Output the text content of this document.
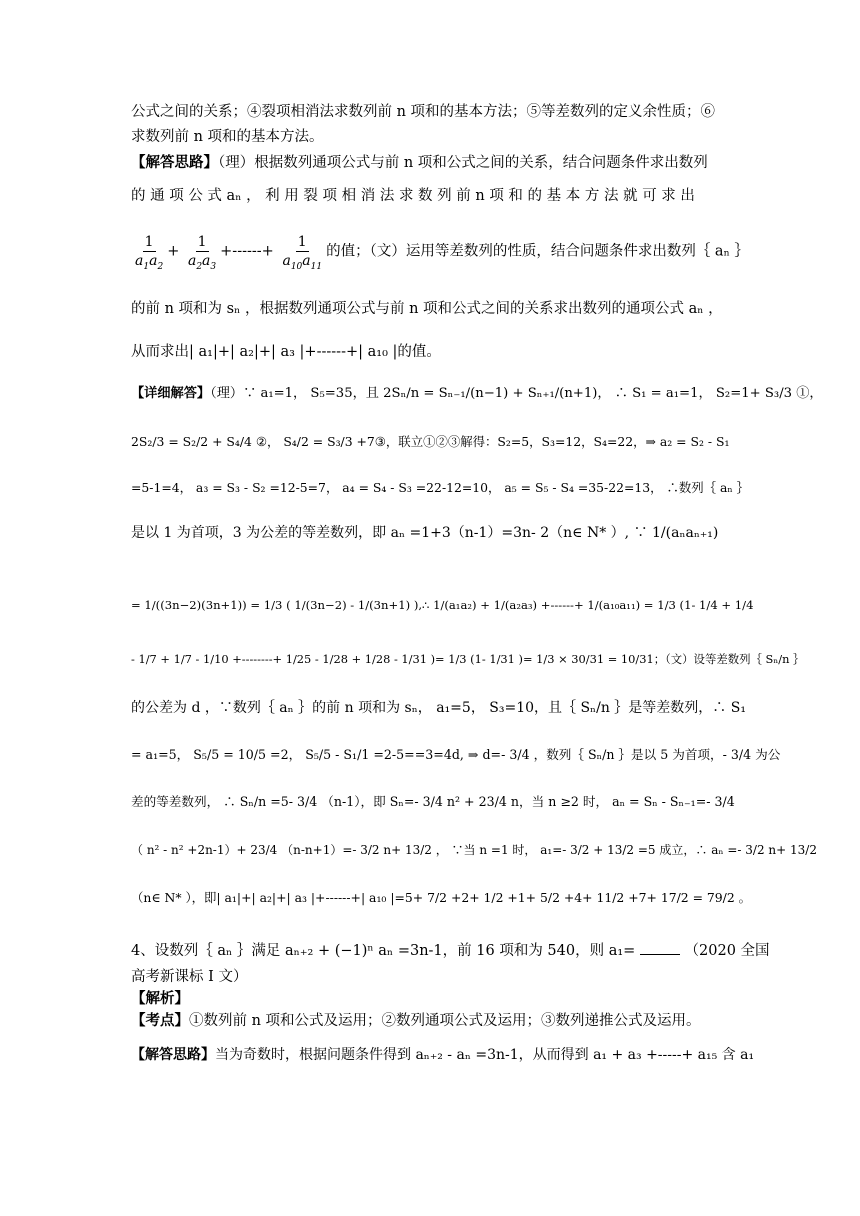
公式之间的关系；④裂项相消法求数列前 n 项和的基本方法；⑤等差数列的定义余性质；⑥
求数列前 n 项和的基本方法。
【解答思路】（理）根据数列通项公式与前 n 项和公式之间的关系，结合问题条件求出数列
的 通 项 公 式 aₙ ， 利 用 裂 项 相 消 法 求 数 列 前 n 项 和 的 基 本 方 法 就 可 求 出
$\frac{1}{a_1a_2} + \frac{1}{a_2a_3}$ +------+ $\frac{1}{a_{10}a_{11}}$ 的值；（文）运用等差数列的性质，结合问题条件求出数列｛ aₙ ｝
的前 n 项和为 sₙ ，根据数列通项公式与前 n 项和公式之间的关系求出数列的通项公式 aₙ ，
从而求出| a₁|+| a₂|+| a₃ |+------+| a₁₀ |的值。
【详细解答】（理）∵ a₁=1， S₅=35，且 2Sₙ/n = Sₙ₋₁/(n−1) + Sₙ₊₁/(n+1)， ∴ S₁ = a₁=1， S₂=1+ S₃/3 ①，
2S₂/3 = S₂/2 + S₄/4 ②， S₄/2 = S₃/3 +7③，联立①②③解得：S₂=5，S₃=12，S₄=22，⇒ a₂ = S₂ - S₁
=5-1=4， a₃ = S₃ - S₂ =12-5=7， a₄ = S₄ - S₃ =22-12=10， a₅ = S₅ - S₄ =35-22=13， ∴数列｛ aₙ ｝
是以 1 为首项，3 为公差的等差数列，即 aₙ =1+3（n-1）=3n- 2（n∈ N* ）, ∵ 1/(aₙaₙ₊₁)
= 1/((3n−2)(3n+1)) = 1/3 ( 1/(3n−2) - 1/(3n+1) ),∴ 1/(a₁a₂) + 1/(a₂a₃) +------+ 1/(a₁₀a₁₁) = 1/3 (1- 1/4 + 1/4
- 1/7 + 1/7 - 1/10 +--------+ 1/25 - 1/28 + 1/28 - 1/31 )= 1/3 (1- 1/31 )= 1/3 × 30/31 = 10/31；（文）设等差数列｛ Sₙ/n ｝
的公差为 d ，∵数列｛ aₙ ｝的前 n 项和为 sₙ， a₁=5， S₃=10，且｛ Sₙ/n ｝是等差数列，∴ S₁
= a₁=5， S₅/5 = 10/5 =2， S₅/5 - S₁/1 =2-5==3=4d, ⇒ d=- 3/4 ，数列｛ Sₙ/n ｝是以 5 为首项，- 3/4 为公
差的等差数列， ∴ Sₙ/n =5- 3/4 （n-1），即 Sₙ=- 3/4 n² + 23/4 n，当 n ≥2 时， aₙ = Sₙ - Sₙ₋₁=- 3/4
（ n² - n² +2n-1）+ 23/4 （n-n+1）=- 3/2 n+ 13/2 ， ∵当 n =1 时， a₁=- 3/2 + 13/2 =5 成立，∴ aₙ =- 3/2 n+ 13/2
（n∈ N* ），即| a₁|+| a₂|+| a₃ |+------+| a₁₀ |=5+ 7/2 +2+ 1/2 +1+ 5/2 +4+ 11/2 +7+ 17/2 = 79/2 。
4、设数列｛ aₙ ｝满足 aₙ₊₂ + (−1)ⁿ aₙ =3n-1，前 16 项和为 540，则 a₁=	（2020 全国
高考新课标 I 文）
【解析】
【考点】①数列前 n 项和公式及运用；②数列通项公式及运用；③数列递推公式及运用。
【解答思路】当为奇数时，根据问题条件得到 aₙ₊₂ - aₙ =3n-1，从而得到 a₁ + a₃ +-----+ a₁₅ 含 a₁
